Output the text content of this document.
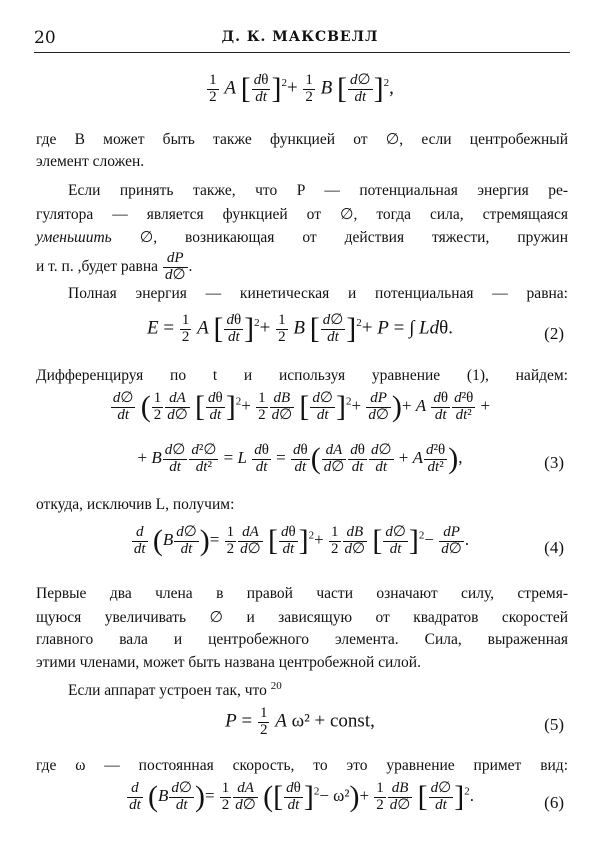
20	Д. К. МАКСВЕЛЛ
$\frac{1}{2}$ A [ $\frac{d\theta}{dt} ]^2+ \frac{1}{2}$ B [ $\frac{d\emptyset}{dt} ]^2$,
где B может быть также функцией от ∅, если центробежный
элемент сложен.
Если принять также, что P — потенциальная энергия ре-
гулятора — является функцией от ∅, тогда сила, стремящаяся
уменьшить ∅, возникающая от действия тяжести, пружин
и т. п. ,будет равна $\frac{dP}{d\emptyset}$ .
Полная энергия — кинетическая и потенциальная — равна:
$E = \frac{1}{2}$ A [ $\frac{d\theta}{dt} ]^2+ \frac{1}{2}$ B [ $\frac{d\emptyset}{dt} ]^2+ P$ = ∫ Ldθ.	(2)
Дифференцируя по t и используя уравнение (1), найдем:
$\frac{d\emptyset}{dt}$ ( $\frac{1}{2} \frac{dA}{d\emptyset}$ [ $\frac{d\theta}{dt} ]^2+ \frac{1}{2} \frac{dB}{d\emptyset}$ [ $\frac{d\emptyset}{dt} ]^2+ \frac{dP}{d\emptyset}$ )+ A $\frac{d\theta}{dt} \frac{\text{d²θ}}{\text{dt²}}$ +
+ B $\frac{d\emptyset}{dt} \frac{\text{d²∅}}{\text{dt²}} = L \frac{d\theta}{dt} = \frac{d\theta}{dt}$ ( $\frac{dA}{d\emptyset} \frac{d\theta}{dt} \frac{d\emptyset}{dt} + A \frac{\text{d²θ}}{\text{dt²}}$ ),	(3)
откуда, исключив L, получим:
$\frac{d}{dt} (B \frac{d\emptyset}{dt}$ )= $\frac{1}{2} \frac{dA}{d\emptyset}$ [ $\frac{d\theta}{dt} ]^2+ \frac{1}{2} \frac{dB}{d\emptyset}$ [ $\frac{d\emptyset}{dt} ]^2- \frac{dP}{d\emptyset}$ .	(4)
Первые два члена в правой части означают силу, стремя-
щуюся увеличивать ∅ и зависящую от квадратов скоростей
главного вала и центробежного элемента. Сила, выраженная
этими членами, может быть названа центробежной силой.
Если аппарат устроен так, что $^{20}$
$P = \frac{1}{2}$ A ω² + const,	(5)
где ω — постоянная скорость, то это уравнение примет вид:
$\frac{d}{dt} (B \frac{d\emptyset}{dt}$ )= $\frac{1}{2} \frac{dA}{d\emptyset}$ ([ $\frac{d\theta}{dt} ]^2- \omega^2)+ \frac{1}{2} \frac{dB}{d\emptyset}$ [ $\frac{d\emptyset}{dt} ]^2$.	(6)
